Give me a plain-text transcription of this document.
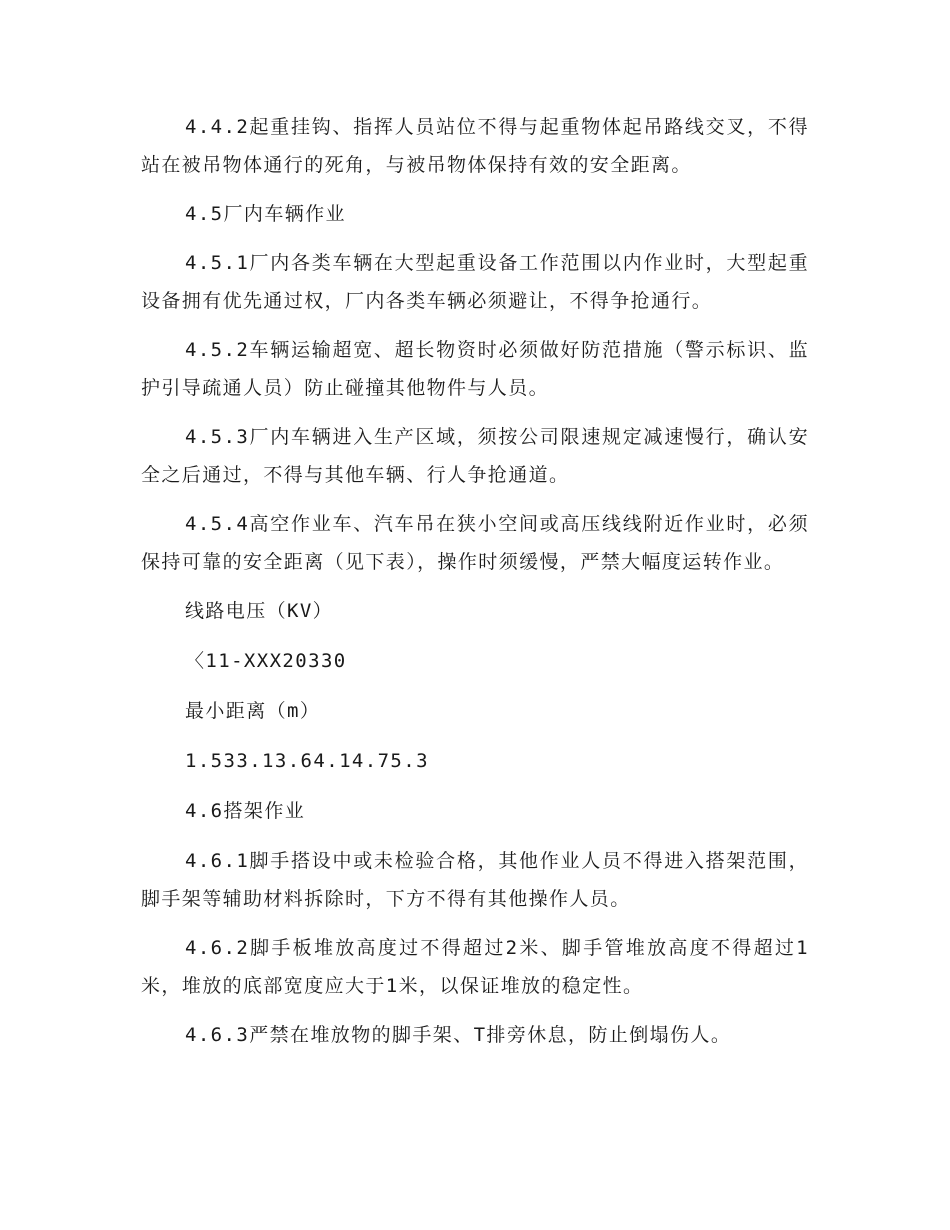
4.4.2起重挂钩、指挥人员站位不得与起重物体起吊路线交叉，不得站在被吊物体通行的死角，与被吊物体保持有效的安全距离。

4.5厂内车辆作业

4.5.1厂内各类车辆在大型起重设备工作范围以内作业时，大型起重设备拥有优先通过权，厂内各类车辆必须避让，不得争抢通行。

4.5.2车辆运输超宽、超长物资时必须做好防范措施（警示标识、监护引导疏通人员）防止碰撞其他物件与人员。

4.5.3厂内车辆进入生产区域，须按公司限速规定减速慢行，确认安全之后通过，不得与其他车辆、行人争抢通道。

4.5.4高空作业车、汽车吊在狭小空间或高压线线附近作业时，必须保持可靠的安全距离（见下表），操作时须缓慢，严禁大幅度运转作业。

线路电压（KV）

〈11-XXX20330

最小距离（m）

1.533.13.64.14.75.3

4.6搭架作业

4.6.1脚手搭设中或未检验合格，其他作业人员不得进入搭架范围，脚手架等辅助材料拆除时，下方不得有其他操作人员。

4.6.2脚手板堆放高度过不得超过2米、脚手管堆放高度不得超过1米，堆放的底部宽度应大于1米，以保证堆放的稳定性。

4.6.3严禁在堆放物的脚手架、T排旁休息，防止倒塌伤人。
